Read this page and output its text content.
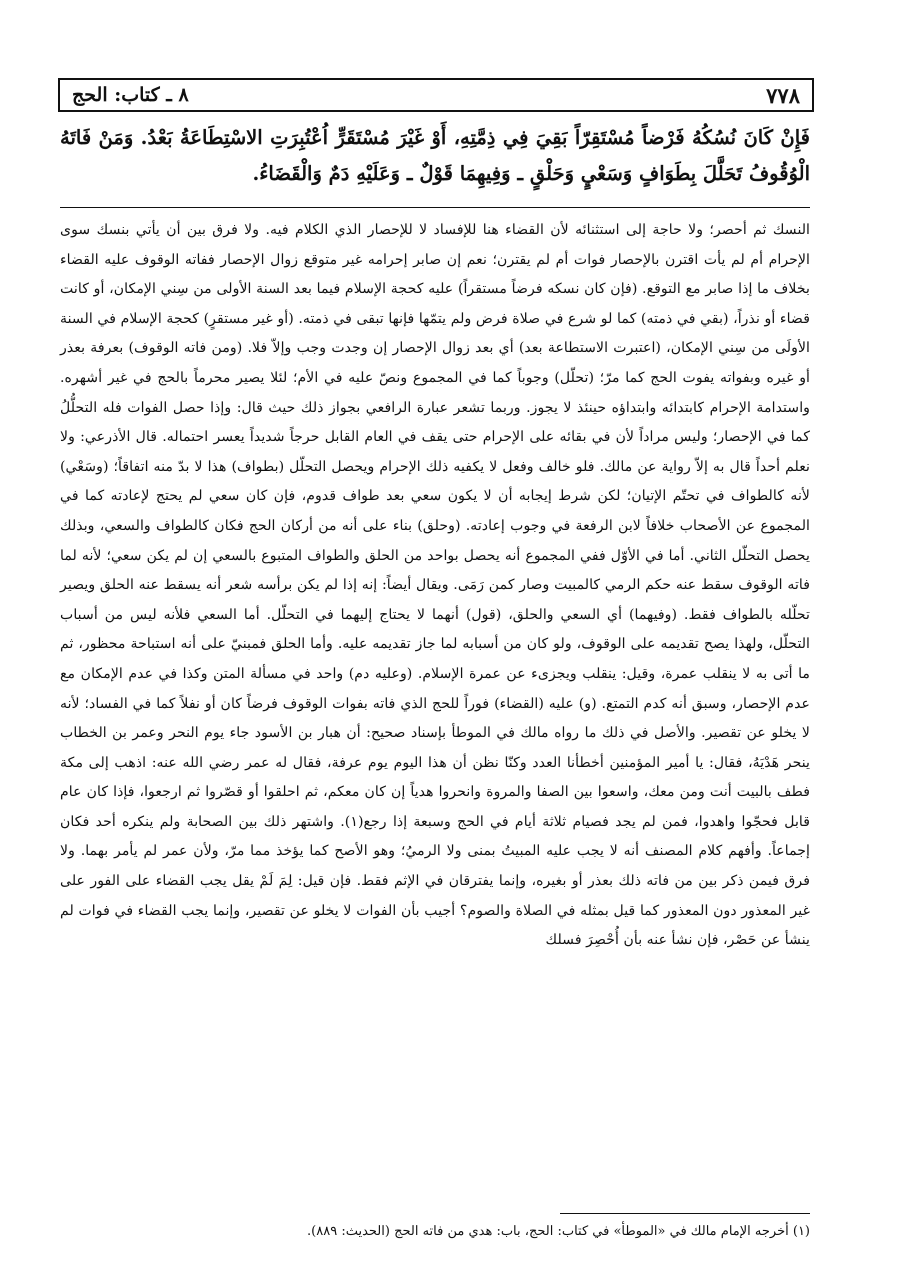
٨ ـ كتاب: الحج	٧٧٨
فَإِنْ كَانَ نُسُكُهُ فَرْضاً مُسْتَقِرّاً بَقِيَ فِي ذِمَّتِهِ، أَوْ غَيْرَ مُسْتَقَرٍّ اُعْتُبِرَتِ الاسْتِطَاعَةُ بَعْدُ. وَمَنْ فَاتَهُ الْوُقُوفُ تَحَلَّلَ بِطَوَافٍ وَسَعْيٍ وَحَلْقٍ ـ وَفِيهِمَا قَوْلٌ ـ وَعَلَيْهِ دَمٌ وَالْقَضَاءُ.

النسك ثم أحصر؛ ولا حاجة إلى استثنائه لأن القضاء هنا للإفساد لا للإحصار الذي الكلام فيه. ولا فرق بين أن يأتي بنسك سوى الإحرام أم لم يأت اقترن بالإحصار فوات أم لم يقترن؛ نعم إن صابر إحرامه غير متوقع زوال الإحصار ففاته الوقوف عليه القضاء بخلاف ما إذا صابر مع التوقع. (فإن كان نسكه فرضاً مستقراً) عليه كحجة الإسلام فيما بعد السنة الأولى من سِني الإمكان، أو كانت قضاء أو نذراً، (بقي في ذمته) كما لو شرع في صلاة فرض ولم يتمّها فإنها تبقى في ذمته. (أو غير مستقرٍ) كحجة الإسلام في السنة الأولَى من سِني الإمكان، (اعتبرت الاستطاعة بعد) أي بعد زوال الإحصار إن وجدت وجب وإلاّ فلا. (ومن فاته الوقوف) بعرفة بعذر أو غيره وبفواته يفوت الحج كما مرّ؛ (تحلّل) وجوباً كما في المجموع ونصّ عليه في الأم؛ لئلا يصير محرماً بالحج في غير أشهره. واستدامة الإحرام كابتدائه وابتداؤه حينئذ لا يجوز. وربما تشعر عبارة الرافعي بجواز ذلك حيث قال: وإذا حصل الفوات فله التحلُّلُ كما في الإحصار؛ وليس مراداً لأن في بقائه على الإحرام حتى يقف في العام القابل حرجاً شديداً يعسر احتماله. قال الأذرعي: ولا نعلم أحداً قال به إلاّ رواية عن مالك. فلو خالف وفعل لا يكفيه ذلك الإحرام ويحصل التحلّل (بطواف) هذا لا بدّ منه اتفاقاً؛ (وسَعْي) لأنه كالطواف في تحتّم الإتيان؛ لكن شرط إيجابه أن لا يكون سعي بعد طواف قدوم، فإن كان سعي لم يحتج لإعادته كما في المجموع عن الأصحاب خلافاً لابن الرفعة في وجوب إعادته. (وحلق) بناء على أنه من أركان الحج فكان كالطواف والسعي، وبذلك يحصل التحلّل الثاني. أما في الأوّل ففي المجموع أنه يحصل بواحد من الحلق والطواف المتبوع بالسعي إن لم يكن سعي؛ لأنه لما فاته الوقوف سقط عنه حكم الرمي كالمبيت وصار كمن رَمَى. ويقال أيضاً: إنه إذا لم يكن برأسه شعر أنه يسقط عنه الحلق ويصير تحلّله بالطواف فقط. (وفيهما) أي السعي والحلق، (قول) أنهما لا يحتاج إليهما في التحلّل. أما السعي فلأنه ليس من أسباب التحلّل، ولهذا يصح تقديمه على الوقوف، ولو كان من أسبابه لما جاز تقديمه عليه. وأما الحلق فمبنيّ على أنه استباحة محظور، ثم ما أتى به لا ينقلب عمرة، وقيل: ينقلب ويجزىء عن عمرة الإسلام. (وعليه دم) واحد في مسألة المتن وكذا في عدم الإمكان مع عدم الإحصار، وسبق أنه كدم التمتع. (و) عليه (القضاء) فوراً للحج الذي فاته بفوات الوقوف فرضاً كان أو نفلاً كما في الفساد؛ لأنه لا يخلو عن تقصير. والأصل في ذلك ما رواه مالك في الموطأ بإسناد صحيح: أن هبار بن الأسود جاء يوم النحر وعمر بن الخطاب ينحر هَدْيَهُ، فقال: يا أمير المؤمنين أخطأنا العدد وكنّا نظن أن هذا اليوم يوم عرفة، فقال له عمر رضي الله عنه: اذهب إلى مكة فطف بالبيت أنت ومن معك، واسعوا بين الصفا والمروة وانحروا هدياً إن كان معكم، ثم احلقوا أو قصّروا ثم ارجعوا، فإذا كان عام قابل فحجّوا واهدوا، فمن لم يجد فصيام ثلاثة أيام في الحج وسبعة إذا رجع(١). واشتهر ذلك بين الصحابة ولم ينكره أحد فكان إجماعاً. وأفهم كلام المصنف أنه لا يجب عليه المبيتُ بمنى ولا الرميُ؛ وهو الأصح كما يؤخذ مما مرّ، ولأن عمر لم يأمر بهما. ولا فرق فيمن ذكر بين من فاته ذلك بعذر أو بغيره، وإنما يفترقان في الإثم فقط. فإن قيل: لِمَ لَمْ يقل يجب القضاء على الفور على غير المعذور دون المعذور كما قيل بمثله في الصلاة والصوم؟ أجيب بأن الفوات لا يخلو عن تقصير، وإنما يجب القضاء في فوات لم ينشأ عن حَصْر، فإن نشأ عنه بأن أُحْصِرَ فسلك

(١) أخرجه الإمام مالك في «الموطأ» في كتاب: الحج، باب: هدي من فاته الحج (الحديث: ٨٨٩).
